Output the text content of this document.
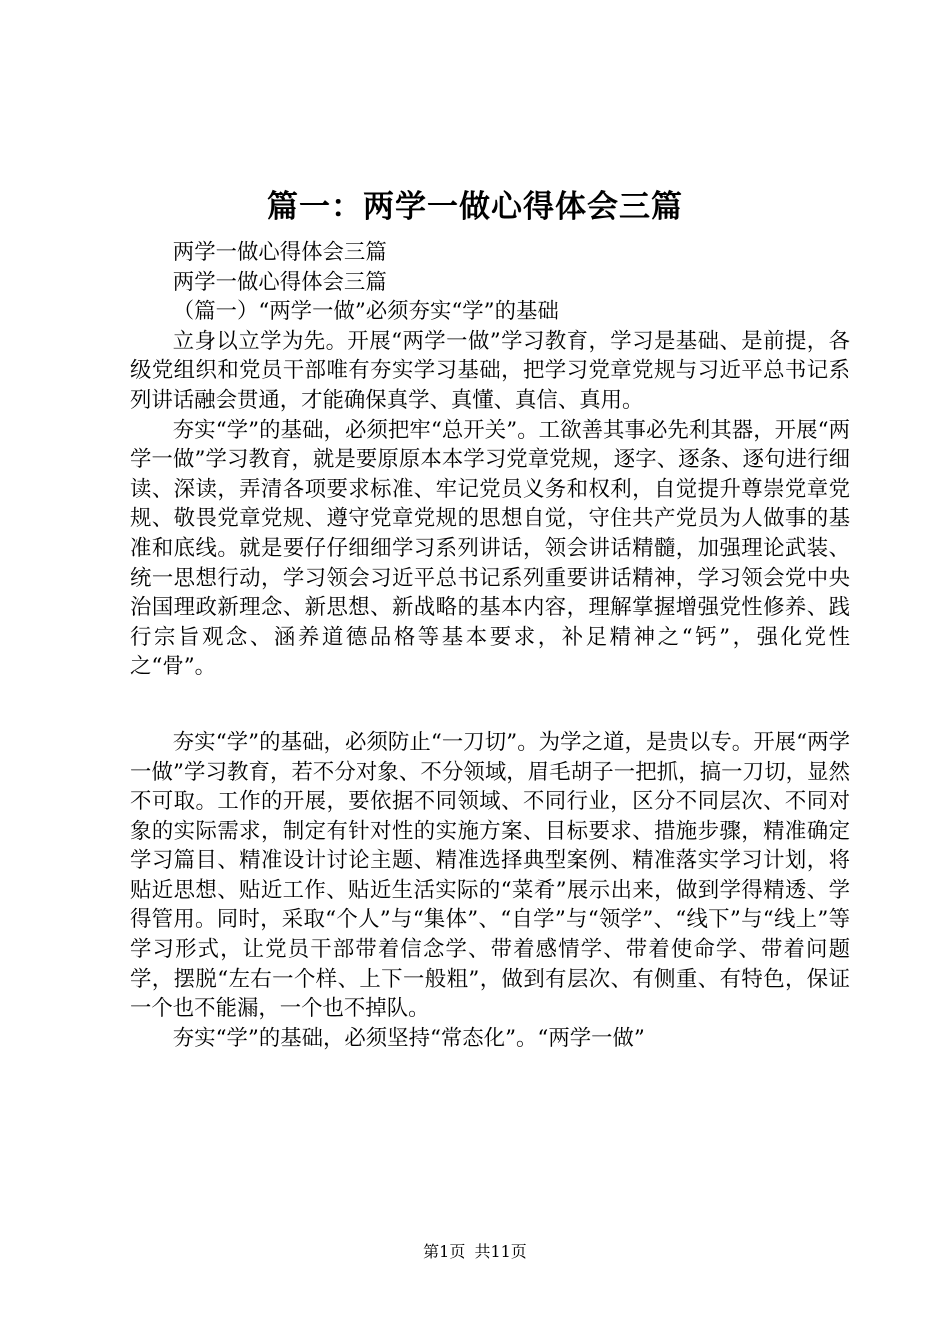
篇一：两学一做心得体会三篇

两学一做心得体会三篇

两学一做心得体会三篇

（篇一）“两学一做”必须夯实“学”的基础

立身以立学为先。开展“两学一做”学习教育，学习是基础、是前提，各级党组织和党员干部唯有夯实学习基础，把学习党章党规与习近平总书记系列讲话融会贯通，才能确保真学、真懂、真信、真用。

夯实“学”的基础，必须把牢“总开关”。工欲善其事必先利其器，开展“两学一做”学习教育，就是要原原本本学习党章党规，逐字、逐条、逐句进行细读、深读，弄清各项要求标准、牢记党员义务和权利，自觉提升尊崇党章党规、敬畏党章党规、遵守党章党规的思想自觉，守住共产党员为人做事的基准和底线。就是要仔仔细细学习系列讲话，领会讲话精髓，加强理论武装、统一思想行动，学习领会习近平总书记系列重要讲话精神，学习领会党中央治国理政新理念、新思想、新战略的基本内容，理解掌握增强党性修养、践行宗旨观念、涵养道德品格等基本要求，补足精神之“钙”，强化党性之“骨”。

夯实“学”的基础，必须防止“一刀切”。为学之道，是贵以专。开展“两学一做”学习教育，若不分对象、不分领域，眉毛胡子一把抓，搞一刀切，显然不可取。工作的开展，要依据不同领域、不同行业，区分不同层次、不同对象的实际需求，制定有针对性的实施方案、目标要求、措施步骤，精准确定学习篇目、精准设计讨论主题、精准选择典型案例、精准落实学习计划，将贴近思想、贴近工作、贴近生活实际的“菜肴”展示出来，做到学得精透、学得管用。同时，采取“个人”与“集体”、“自学”与“领学”、“线下”与“线上”等学习形式，让党员干部带着信念学、带着感情学、带着使命学、带着问题学，摆脱“左右一个样、上下一般粗”，做到有层次、有侧重、有特色，保证一个也不能漏，一个也不掉队。

夯实“学”的基础，必须坚持“常态化”。“两学一做”

第1页 共11页
